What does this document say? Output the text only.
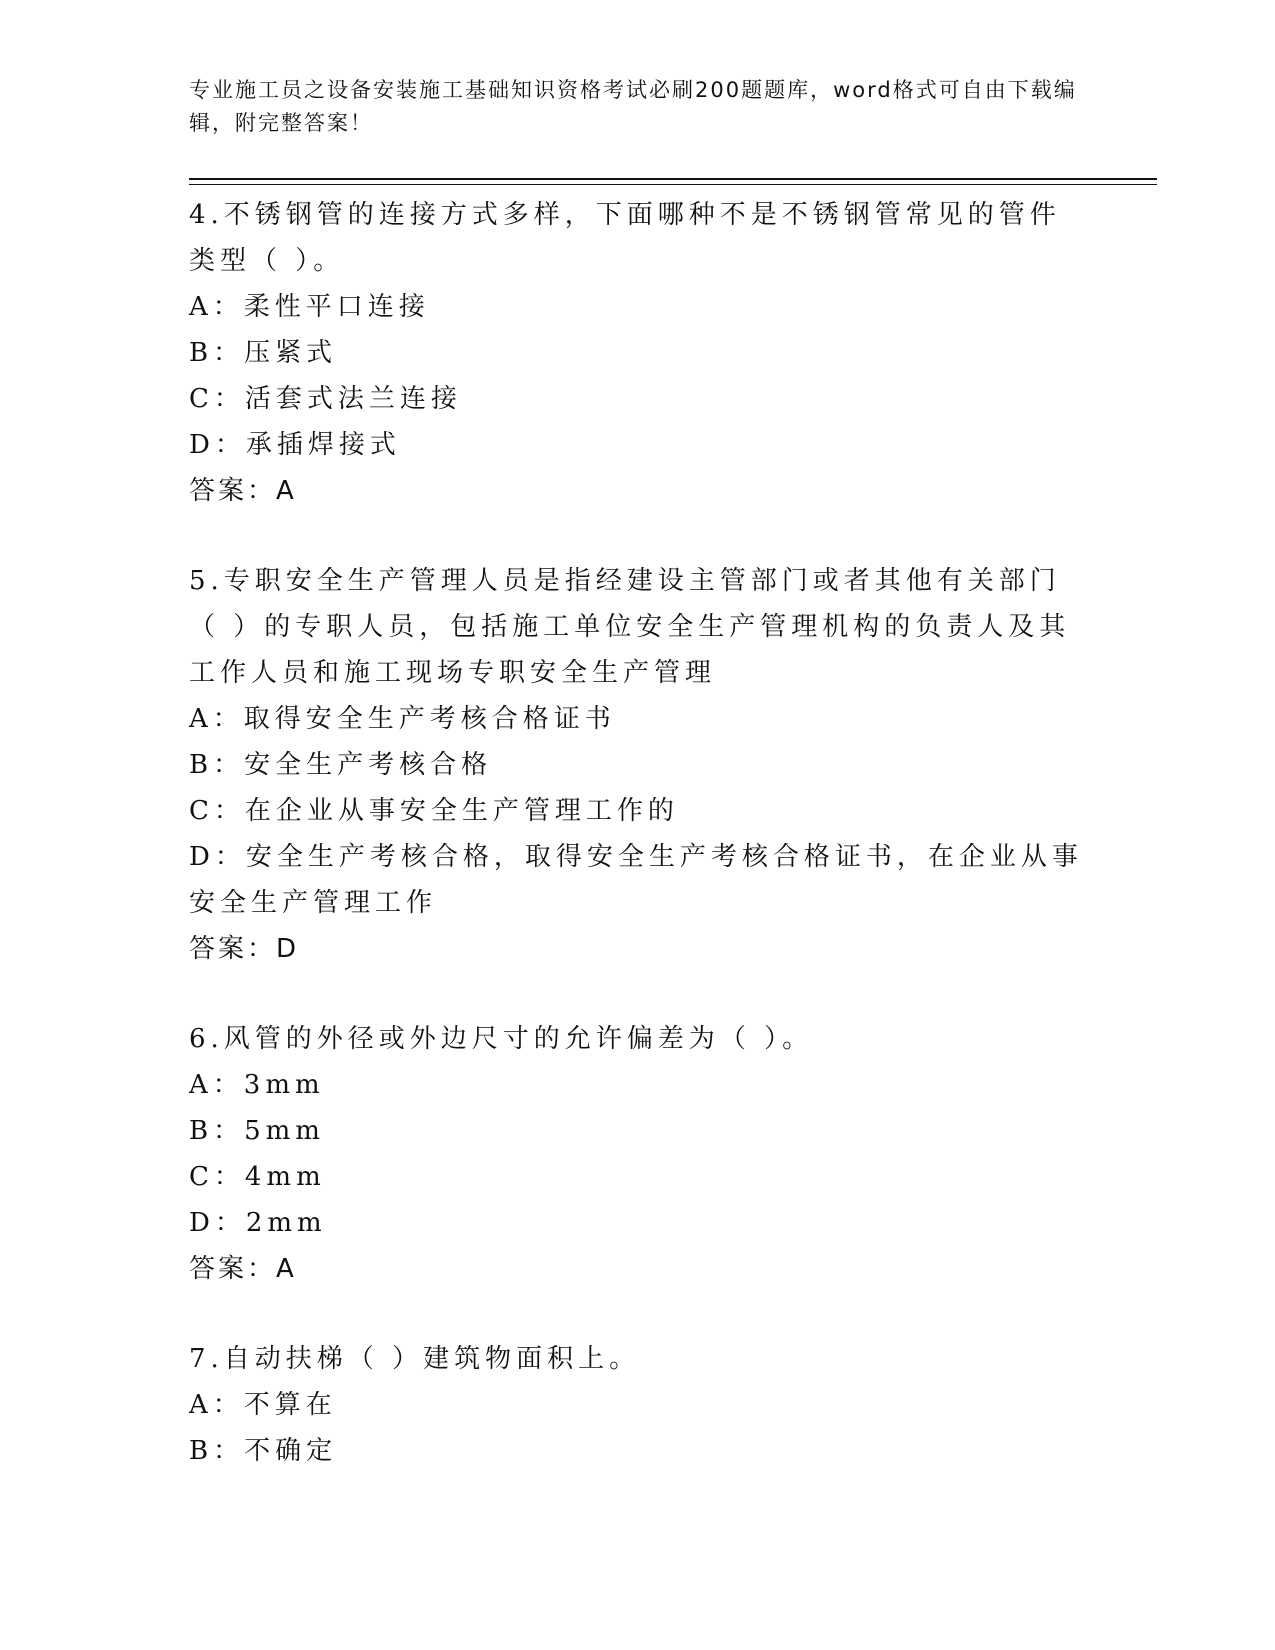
专业施工员之设备安装施工基础知识资格考试必刷200题题库，word格式可自由下载编辑，附完整答案！

4.不锈钢管的连接方式多样，下面哪种不是不锈钢管常见的管件类型（ ）。

A：柔性平口连接

B：压紧式

C：活套式法兰连接

D：承插焊接式

答案：A

5.专职安全生产管理人员是指经建设主管部门或者其他有关部门（ ）的专职人员，包括施工单位安全生产管理机构的负责人及其工作人员和施工现场专职安全生产管理

A：取得安全生产考核合格证书

B：安全生产考核合格

C：在企业从事安全生产管理工作的

D：安全生产考核合格，取得安全生产考核合格证书，在企业从事安全生产管理工作

答案：D

6.风管的外径或外边尺寸的允许偏差为（ ）。

A：3mm

B：5mm

C：4mm

D：2mm

答案：A

7.自动扶梯（ ）建筑物面积上。

A：不算在

B：不确定
